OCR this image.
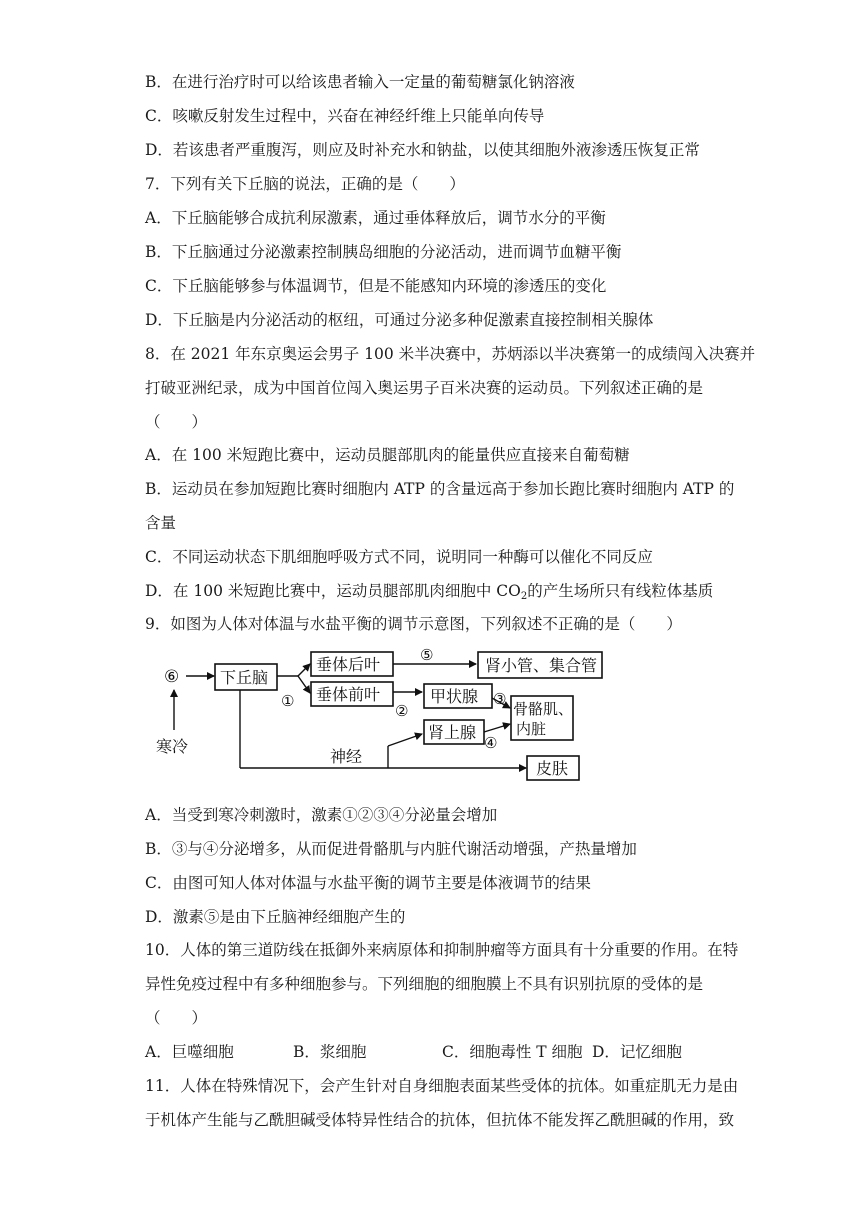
B．在进行治疗时可以给该患者输入一定量的葡萄糖氯化钠溶液
C．咳嗽反射发生过程中，兴奋在神经纤维上只能单向传导
D．若该患者严重腹泻，则应及时补充水和钠盐，以使其细胞外液渗透压恢复正常
7．下列有关下丘脑的说法，正确的是（　　）
A．下丘脑能够合成抗利尿激素，通过垂体释放后，调节水分的平衡
B．下丘脑通过分泌激素控制胰岛细胞的分泌活动，进而调节血糖平衡
C．下丘脑能够参与体温调节，但是不能感知内环境的渗透压的变化
D．下丘脑是内分泌活动的枢纽，可通过分泌多种促激素直接控制相关腺体
8．在 2021 年东京奥运会男子 100 米半决赛中，苏炳添以半决赛第一的成绩闯入决赛并
打破亚洲纪录，成为中国首位闯入奥运男子百米决赛的运动员。下列叙述正确的是
（　　）
A．在 100 米短跑比赛中，运动员腿部肌肉的能量供应直接来自葡萄糖
B．运动员在参加短跑比赛时细胞内 ATP 的含量远高于参加长跑比赛时细胞内 ATP 的
含量
C．不同运动状态下肌细胞呼吸方式不同，说明同一种酶可以催化不同反应
D．在 100 米短跑比赛中，运动员腿部肌肉细胞中 $CO_2$的产生场所只有线粒体基质
9．如图为人体对体温与水盐平衡的调节示意图，下列叙述不正确的是（　　）
⑥
寒冷
下丘脑
①
垂体后叶	⑤
肾小管、集合管
垂体前叶
②
甲状腺 ③
骨骼肌、
内脏
肾上腺
④
神经
皮肤
A．当受到寒冷刺激时，激素①②③④分泌量会增加
B．③与④分泌增多，从而促进骨骼肌与内脏代谢活动增强，产热量增加
C．由图可知人体对体温与水盐平衡的调节主要是体液调节的结果
D．激素⑤是由下丘脑神经细胞产生的
10．人体的第三道防线在抵御外来病原体和抑制肿瘤等方面具有十分重要的作用。在特
异性免疫过程中有多种细胞参与。下列细胞的细胞膜上不具有识别抗原的受体的是
（　　）
A．巨噬细胞	B．浆细胞	C．细胞毒性 T 细胞 D．记忆细胞
11．人体在特殊情况下，会产生针对自身细胞表面某些受体的抗体。如重症肌无力是由
于机体产生能与乙酰胆碱受体特异性结合的抗体，但抗体不能发挥乙酰胆碱的作用，致
